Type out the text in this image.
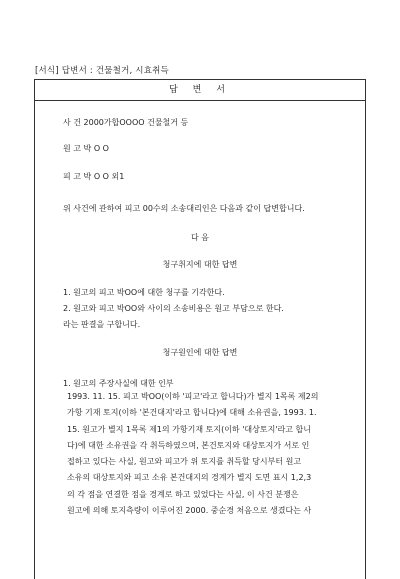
[서식] 답변서 : 건물철거, 시효취득
답 변 서
사 건 2000가합OOOO 건물철거 등
원 고 박 O O
피 고 박 O O 외1
위 사건에 관하여 피고 00수의 소송대리인은 다음과 같이 답변합니다.
다 음
청구취지에 대한 답변
1. 원고의 피고 박OO에 대한 청구를 기각한다.
2. 원고와 피고 박OO와 사이의 소송비용은 원고 부담으로 한다.
라는 판결을 구합니다.
청구원인에 대한 답변
1. 원고의 주장사실에 대한 인부
1993. 11. 15. 피고 박OO(이하 '피고'라고 합니다)가 별지 1목록 제2의
가항 기재 토지(이하 '본건대지'라고 합니다)에 대해 소유권을, 1993. 1.
15. 원고가 별지 1목록 제1의 가항기재 토지(이하 '대상토지'라고 합니
다)에 대한 소유권을 각 취득하였으며, 본건토지와 대상토지가 서로 인
접하고 있다는 사실, 원고와 피고가 위 토지를 취득할 당시부터 원고
소유의 대상토지와 피고 소유 본건대지의 경계가 별지 도면 표시 1,2,3
의 각 점을 연결한 점을 경계로 하고 있었다는 사실, 이 사건 분쟁은
원고에 의해 토지측량이 이루어진 2000. 중순경 처음으로 생겼다는 사
